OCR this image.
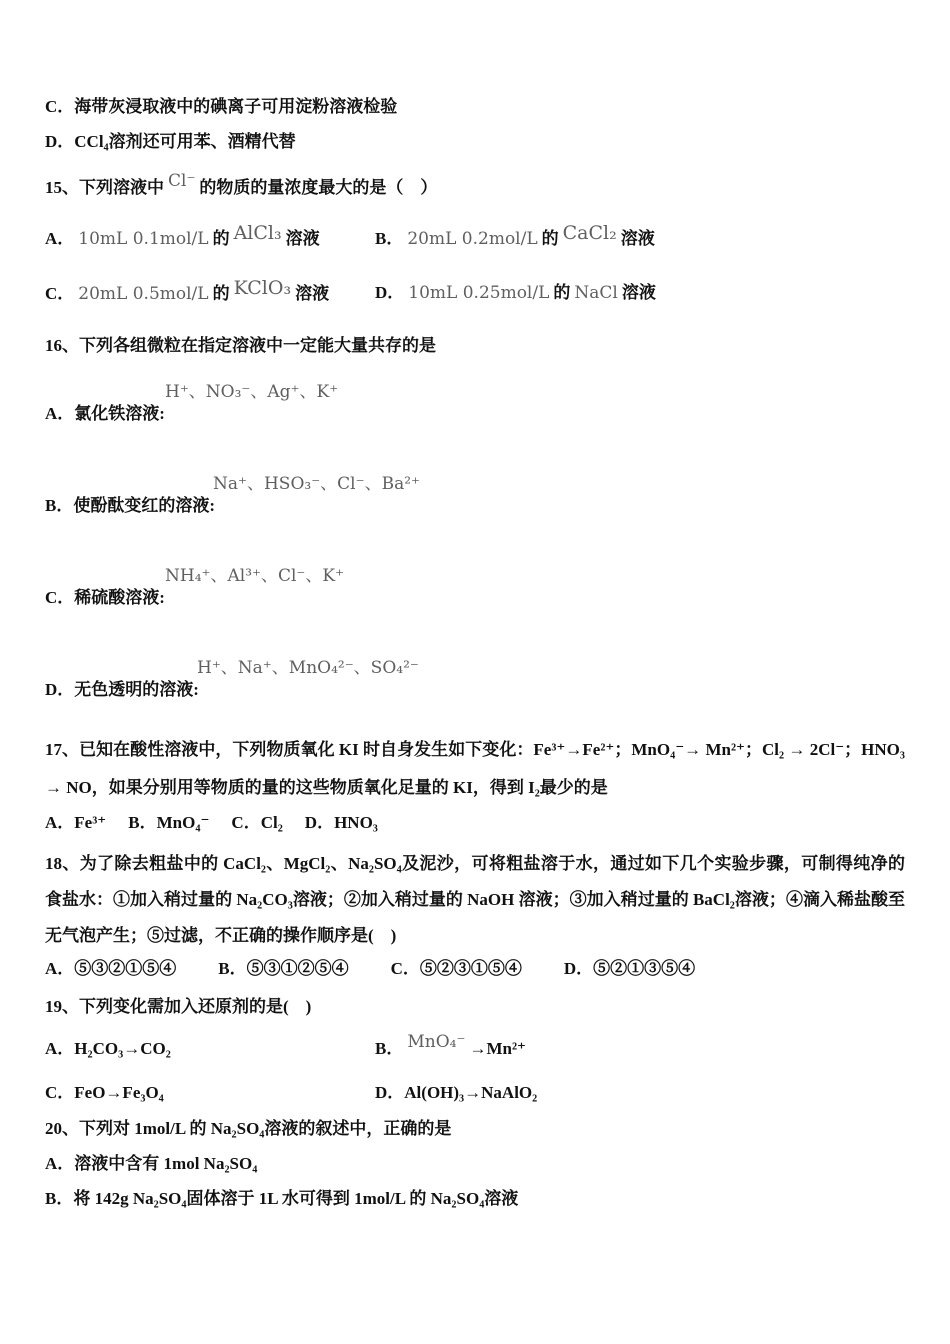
C．海带灰浸取液中的碘离子可用淀粉溶液检验
D．CCl₄溶剂还可用苯、酒精代替
15、下列溶液中 Cl⁻ 的物质的量浓度最大的是（　）
A． 10mL 0.1mol/L 的 AlCl₃ 溶液	B． 20mL 0.2mol/L 的 CaCl₂ 溶液
C． 20mL 0.5mol/L 的 KClO₃ 溶液	D． 10mL 0.25mol/L 的 NaCl 溶液
16、下列各组微粒在指定溶液中一定能大量共存的是
H⁺、NO₃⁻、Ag⁺、K⁺
A．氯化铁溶液:
Na⁺、HSO₃⁻、Cl⁻、Ba²⁺
B．使酚酞变红的溶液:
NH₄⁺、Al³⁺、Cl⁻、K⁺
C．稀硫酸溶液:
H⁺、Na⁺、MnO₄²⁻、SO₄²⁻
D．无色透明的溶液:
17、已知在酸性溶液中，下列物质氧化 KI 时自身发生如下变化：Fe³⁺→Fe²⁺；MnO₄⁻→ Mn²⁺；Cl₂ → 2Cl⁻；HNO₃ → NO，如果分别用等物质的量的这些物质氧化足量的 KI，得到 I₂最少的是
A．Fe³⁺ B．MnO₄⁻ C．Cl₂ D．HNO₃
18、为了除去粗盐中的 CaCl₂、MgCl₂、Na₂SO₄及泥沙，可将粗盐溶于水，通过如下几个实验步骤，可制得纯净的食盐水：①加入稍过量的 Na₂CO₃溶液；②加入稍过量的 NaOH 溶液；③加入稍过量的 BaCl₂溶液；④滴入稀盐酸至无气泡产生；⑤过滤，不正确的操作顺序是(　)
A．⑤③②①⑤④ B．⑤③①②⑤④ C．⑤②③①⑤④ D．⑤②①③⑤④
19、下列变化需加入还原剂的是(　)
A．H₂CO₃→CO₂	B． MnO₄⁻ →Mn²⁺
C．FeO→Fe₃O₄	D．Al(OH)₃→NaAlO₂
20、下列对 1mol/L 的 Na₂SO₄溶液的叙述中，正确的是
A．溶液中含有 1mol Na₂SO₄
B．将 142g Na₂SO₄固体溶于 1L 水可得到 1mol/L 的 Na₂SO₄溶液
